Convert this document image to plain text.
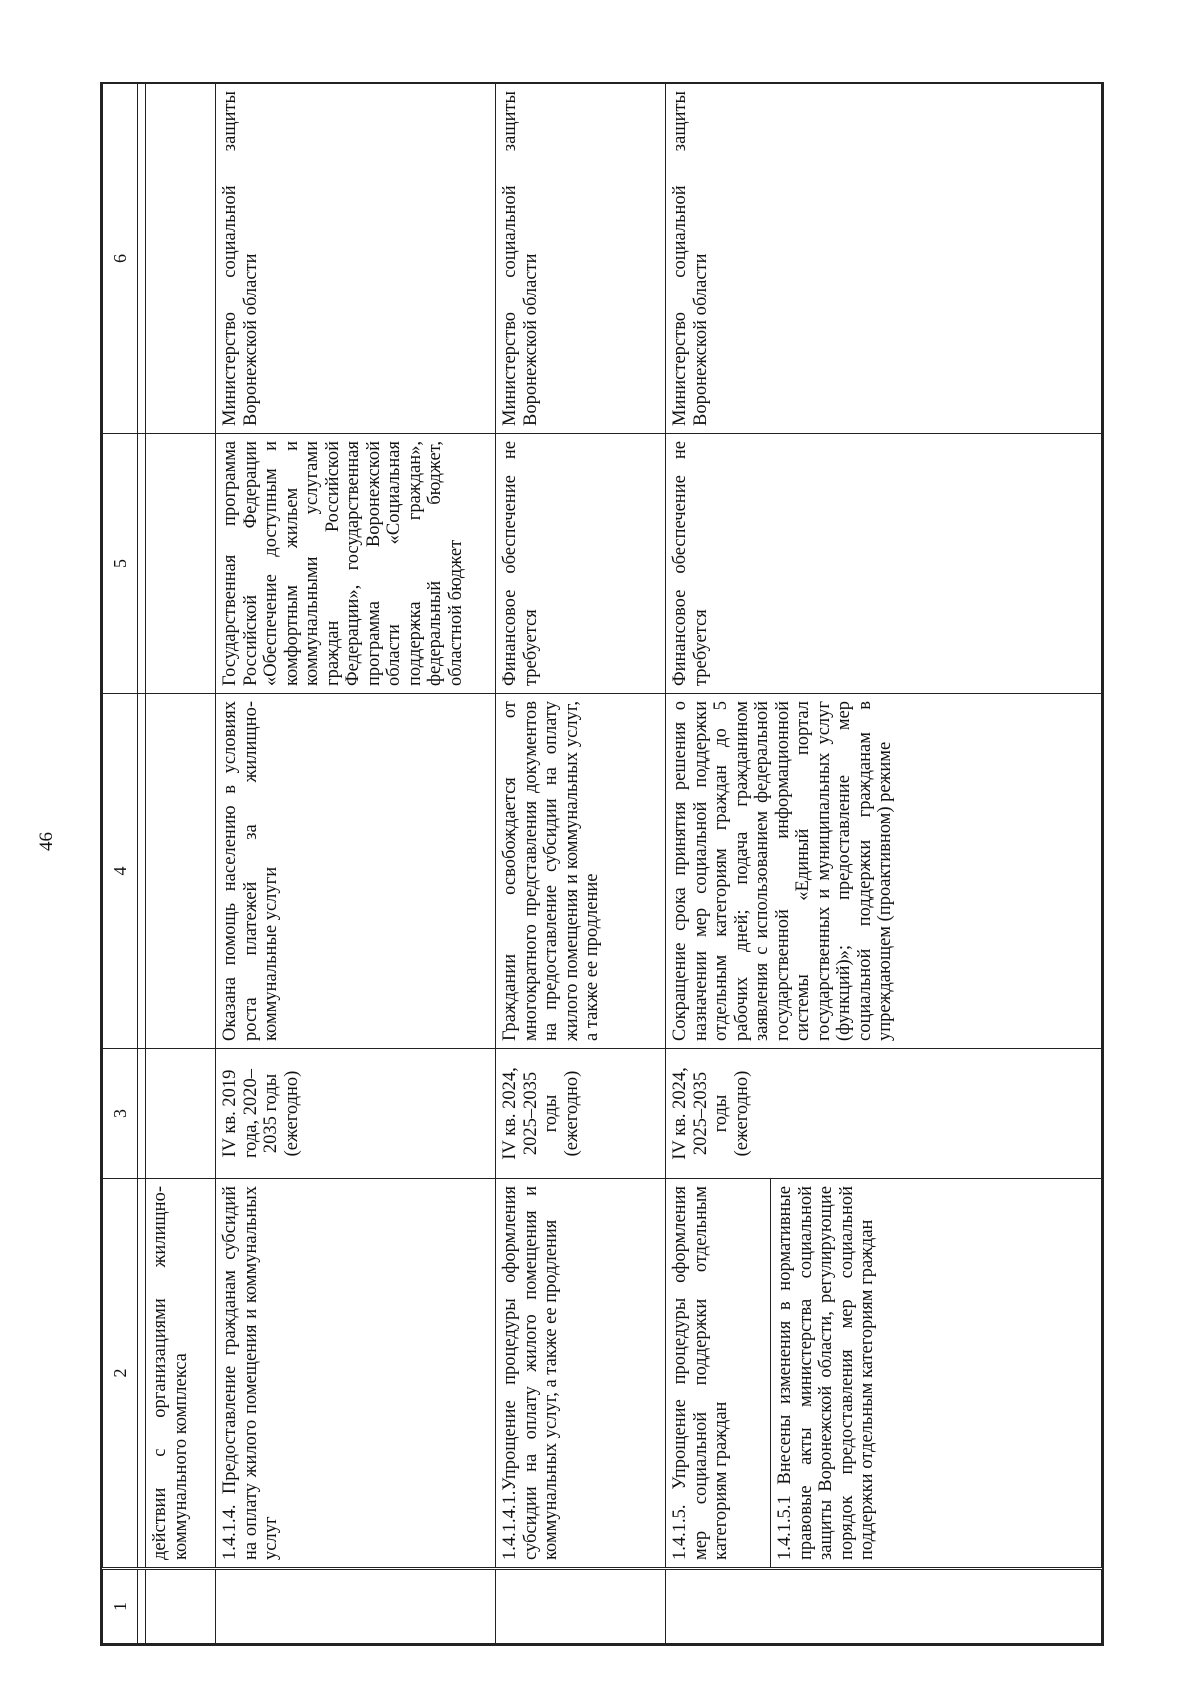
46
1	2	3	4	5	6

	действии с организациями жилищно-коммунального комплекса				
	1.4.1.4. Предоставление гражданам субсидий на оплату жилого помещения и коммунальных услуг	IV кв. 2019 года, 2020–2035 годы (ежегодно)	Оказана помощь населению в условиях роста платежей за жилищно-коммунальные услуги	Государственная программа Российской Федерации «Обеспечение доступным и комфортным жильем и коммунальными услугами граждан Российской Федерации», государственная программа Воронежской области «Социальная поддержка граждан», федеральный бюджет, областной бюджет	Министерство социальной защиты Воронежской области
	1.4.1.4.1.Упрощение процедуры оформления субсидии на оплату жилого помещения и коммунальных услуг, а также ее продления	IV кв. 2024, 2025–2035 годы (ежегодно)	Граждании освобождается от многократного представления документов на предоставление субсидии на оплату жилого помещения и коммунальных услуг, а также ее продление	Финансовое обеспечение не требуется	Министерство социальной защиты Воронежской области
	1.4.1.5. Упрощение процедуры оформления мер социальной поддержки отдельным категориям граждан	IV кв. 2024, 2025–2035 годы (ежегодно)	Сокращение срока принятия решения о назначении мер социальной поддержки отдельным категориям граждан до 5 рабочих дней; подача гражданином заявления с использованием федеральной государственной информационной системы «Единый портал государственных и муниципальных услуг (функций)»; предоставление мер социальной поддержки гражданам в упреждающем (проактивном) режиме	Финансовое обеспечение не требуется	Министерство социальной защиты Воронежской области
	1.4.1.5.1 Внесены изменения в нормативные правовые акты министерства социальной защиты Воронежской области, регулирующие порядок предоставления мер социальной поддержки отдельным категориям граждан				
